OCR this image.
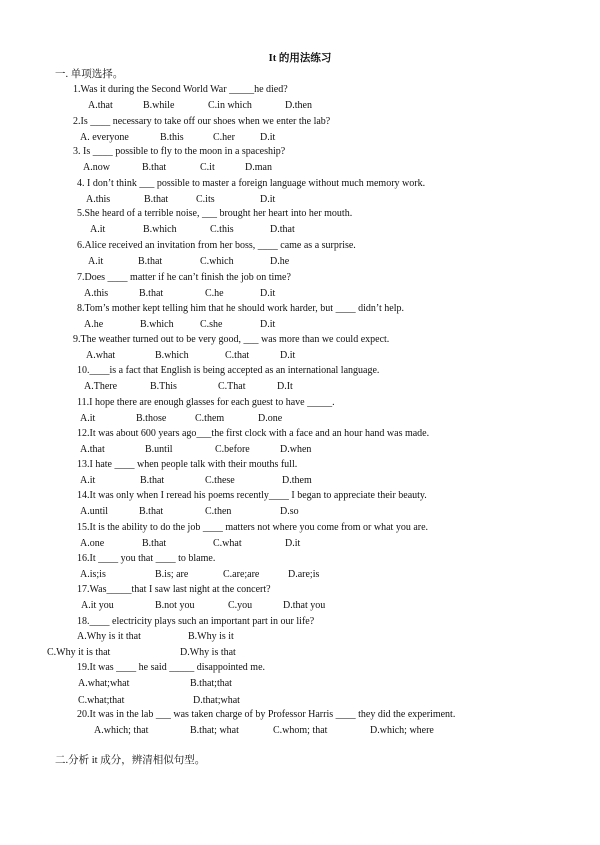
It 的用法练习
一. 单项选择。
1.Was it during the Second World War _____he died?
A.that	B.while	C.in which	D.then
2.Is ____ necessary to take off our shoes when we enter the lab?
A. everyone	B.this	C.her	D.it
3. Is ____ possible to fly to the moon in a spaceship?
A.now	B.that	C.it	D.man
4. I don’t think ___ possible to master a foreign language without much memory work.
A.this	B.that	C.its	D.it
5.She heard of a terrible noise, ___ brought her heart into her mouth.
A.it	B.which	C.this	D.that
6.Alice received an invitation from her boss, ____ came as a surprise.
A.it	B.that	C.which	D.he
7.Does ____ matter if he can’t finish the job on time?
A.this	B.that	C.he	D.it
8.Tom’s mother kept telling him that he should work harder, but ____ didn’t help.
A.he	B.which	C.she	D.it
9.The weather turned out to be very good, ___ was more than we could expect.
A.what	B.which	C.that	D.it
10.____is a fact that English is being accepted as an international language.
A.There	B.This	C.That	D.It
11.I hope there are enough glasses for each guest to have _____.
A.it	B.those	C.them	D.one
12.It was about 600 years ago___the first clock with a face and an hour hand was made.
A.that	B.until	C.before	D.when
13.I hate ____ when people talk with their mouths full.
A.it	B.that	C.these	D.them
14.It was only when I reread his poems recently____ I began to appreciate their beauty.
A.until	B.that	C.then	D.so
15.It is the ability to do the job ____ matters not where you come from or what you are.
A.one	B.that	C.what	D.it
16.It ____ you that ____ to blame.
A.is;is	B.is; are	C.are;are	D.are;is
17.Was_____that I saw last night at the concert?
A.it you	B.not you	C.you	D.that you
18.____ electricity plays such an important part in our life?
A.Why is it that	B.Why is it
C.Why it is that	D.Why is that
19.It was ____ he said _____ disappointed me.
A.what;what	B.that;that
C.what;that	D.that;what
20.It was in the lab ___ was taken charge of by Professor Harris ____ they did the experiment.
A.which; that	B.that; what	C.whom; that	D.which; where
二.分析 it 成分，辨清相似句型。
